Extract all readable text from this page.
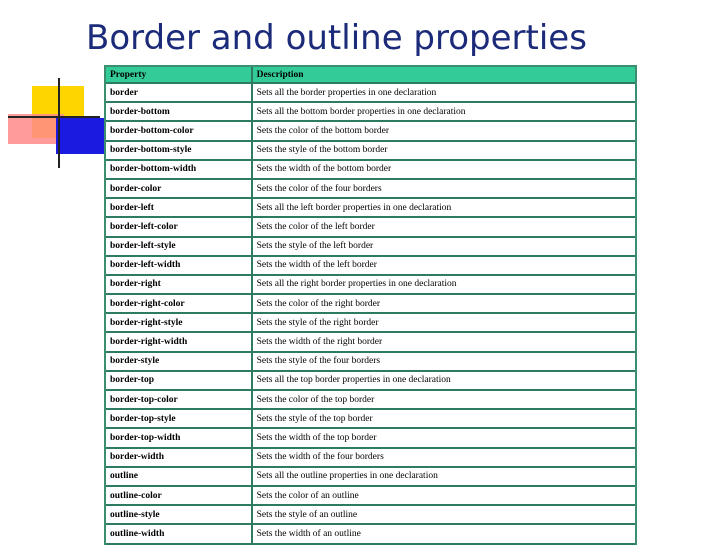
Border and outline properties
Property	Description
border	Sets all the border properties in one declaration
border-bottom	Sets all the bottom border properties in one declaration
border-bottom-color	Sets the color of the bottom border
border-bottom-style	Sets the style of the bottom border
border-bottom-width	Sets the width of the bottom border
border-color	Sets the color of the four borders
border-left	Sets all the left border properties in one declaration
border-left-color	Sets the color of the left border
border-left-style	Sets the style of the left border
border-left-width	Sets the width of the left border
border-right	Sets all the right border properties in one declaration
border-right-color	Sets the color of the right border
border-right-style	Sets the style of the right border
border-right-width	Sets the width of the right border
border-style	Sets the style of the four borders
border-top	Sets all the top border properties in one declaration
border-top-color	Sets the color of the top border
border-top-style	Sets the style of the top border
border-top-width	Sets the width of the top border
border-width	Sets the width of the four borders
outline	Sets all the outline properties in one declaration
outline-color	Sets the color of an outline
outline-style	Sets the style of an outline
outline-width	Sets the width of an outline
